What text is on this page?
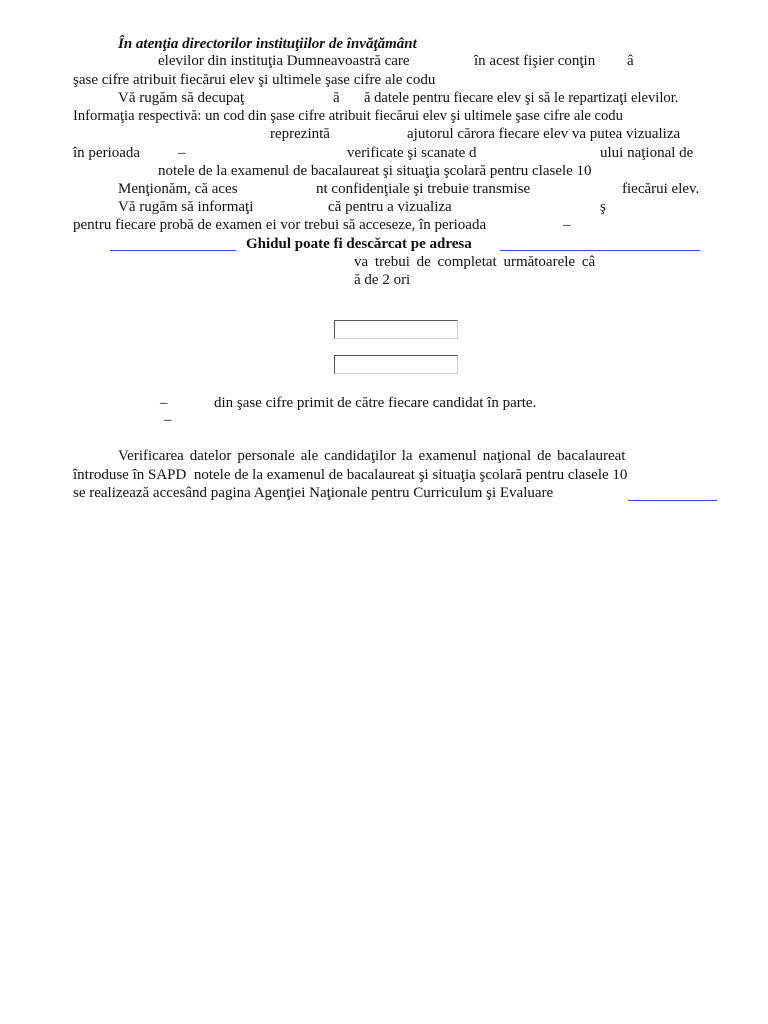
În atenţia directorilor instituţiilor de învăţământ
elevilor din instituţia Dumneavoastră care	în acest fişier conţin â
şase cifre atribuit fiecărui elev şi ultimele şase cifre ale codu
Vă rugăm să decupaţ	ă ă datele pentru fiecare elev şi să le repartizaţi elevilor.
Informaţia respectivă: un cod din şase cifre atribuit fiecărui elev şi ultimele şase cifre ale codu
reprezintă	ajutorul cărora fiecare elev va putea vizualiza
în perioada	–	verificate şi scanate d	ului naţional de
notele de la examenul de bacalaureat şi situaţia şcolară pentru clasele 10
Menţionăm, că aces	nt confidenţiale şi trebuie transmise	fiecărui elev.
Vă rugăm să informaţi	că pentru a vizualiza	ş
pentru fiecare probă de examen ei vor trebui să acceseze, în perioada	–
Ghidul poate fi descărcat pe adresa
va trebui de completat următoarele câ
ă de 2 ori
–	din şase cifre primit de către fiecare candidat în parte.
–
Verificarea datelor personale ale candidaţilor la examenul naţional de bacalaureat
întroduse în SAPD  notele de la examenul de bacalaureat şi situaţia şcolară pentru clasele 10
se realizează accesând pagina Agenţiei Naţionale pentru Curriculum şi Evaluare
